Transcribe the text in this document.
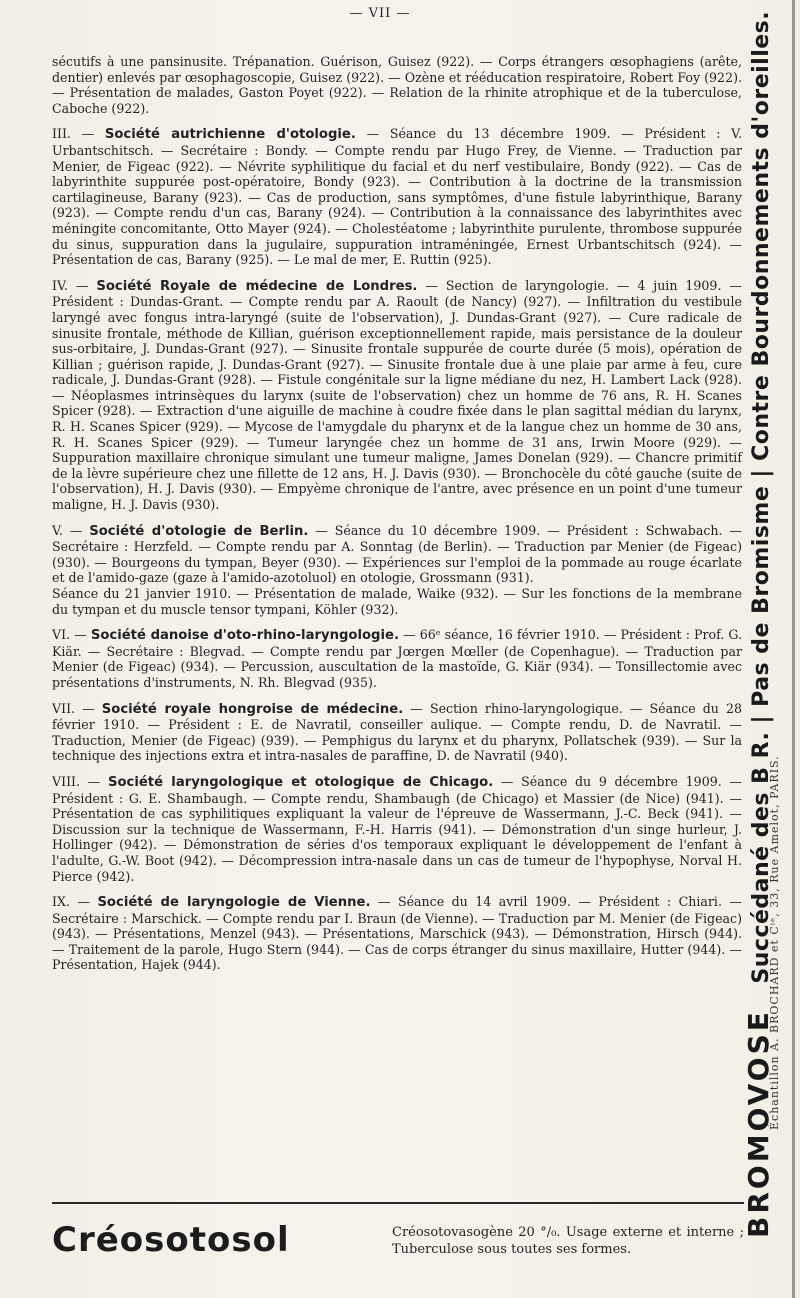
— VII —

sécutifs à une pansinusite. Trépanation. Guérison, Guisez (922). — Corps étrangers œsophagiens (arête, dentier) enlevés par œsophagoscopie, Guisez (922). — Ozène et rééducation respiratoire, Robert Foy (922). — Présentation de malades, Gaston Poyet (922). — Relation de la rhinite atrophique et de la tuberculose, Caboche (922).

III. — Société autrichienne d'otologie. — Séance du 13 décembre 1909. — Président : V. Urbantschitsch. — Secrétaire : Bondy. — Compte rendu par Hugo Frey, de Vienne. — Traduction par Menier, de Figeac (922). — Névrite syphilitique du facial et du nerf vestibulaire, Bondy (922). — Cas de labyrinthite suppurée post-opératoire, Bondy (923). — Contribution à la doctrine de la transmission cartilagineuse, Barany (923). — Cas de production, sans symptômes, d'une fistule labyrinthique, Barany (923). — Compte rendu d'un cas, Barany (924). — Contribution à la connaissance des labyrinthites avec méningite concomitante, Otto Mayer (924). — Cholestéatome ; labyrinthite purulente, thrombose suppurée du sinus, suppuration dans la jugulaire, suppuration intraméningée, Ernest Urbantschitsch (924). — Présentation de cas, Barany (925). — Le mal de mer, E. Ruttin (925).

IV. — Société Royale de médecine de Londres. — Section de laryngologie. — 4 juin 1909. — Président : Dundas-Grant. — Compte rendu par A. Raoult (de Nancy) (927). — Infiltration du vestibule laryngé avec fongus intra-laryngé (suite de l'observation), J. Dundas-Grant (927). — Cure radicale de sinusite frontale, méthode de Killian, guérison exceptionnellement rapide, mais persistance de la douleur sus-orbitaire, J. Dundas-Grant (927). — Sinusite frontale suppurée de courte durée (5 mois), opération de Killian ; guérison rapide, J. Dundas-Grant (927). — Sinusite frontale due à une plaie par arme à feu, cure radicale, J. Dundas-Grant (928). — Fistule congénitale sur la ligne médiane du nez, H. Lambert Lack (928). — Néoplasmes intrinsèques du larynx (suite de l'observation) chez un homme de 76 ans, R. H. Scanes Spicer (928). — Extraction d'une aiguille de machine à coudre fixée dans le plan sagittal médian du larynx, R. H. Scanes Spicer (929). — Mycose de l'amygdale du pharynx et de la langue chez un homme de 30 ans, R. H. Scanes Spicer (929). — Tumeur laryngée chez un homme de 31 ans, Irwin Moore (929). — Suppuration maxillaire chronique simulant une tumeur maligne, James Donelan (929). — Chancre primitif de la lèvre supérieure chez une fillette de 12 ans, H. J. Davis (930). — Bronchocèle du côté gauche (suite de l'observation), H. J. Davis (930). — Empyème chronique de l'antre, avec présence en un point d'une tumeur maligne, H. J. Davis (930).

V. — Société d'otologie de Berlin. — Séance du 10 décembre 1909. — Président : Schwabach. — Secrétaire : Herzfeld. — Compte rendu par A. Sonntag (de Berlin). — Traduction par Menier (de Figeac) (930). — Bourgeons du tympan, Beyer (930). — Expériences sur l'emploi de la pommade au rouge écarlate et de l'amido-gaze (gaze à l'amido-azotoluol) en otologie, Grossmann (931).

Séance du 21 janvier 1910. — Présentation de malade, Waike (932). — Sur les fonctions de la membrane du tympan et du muscle tensor tympani, Köhler (932).

VI. — Société danoise d'oto-rhino-laryngologie. — 66ᵉ séance, 16 février 1910. — Président : Prof. G. Kiär. — Secrétaire : Blegvad. — Compte rendu par Jœrgen Mœller (de Copenhague). — Traduction par Menier (de Figeac) (934). — Percussion, auscultation de la mastoïde, G. Kiär (934). — Tonsillectomie avec présentations d'instruments, N. Rh. Blegvad (935).

VII. — Société royale hongroise de médecine. — Section rhino-laryngologique. — Séance du 28 février 1910. — Président : E. de Navratil, conseiller aulique. — Compte rendu, D. de Navratil. — Traduction, Menier (de Figeac) (939). — Pemphigus du larynx et du pharynx, Pollatschek (939). — Sur la technique des injections extra et intra-nasales de paraffine, D. de Navratil (940).

VIII. — Société laryngologique et otologique de Chicago. — Séance du 9 décembre 1909. — Président : G. E. Shambaugh. — Compte rendu, Shambaugh (de Chicago) et Massier (de Nice) (941). — Présentation de cas syphilitiques expliquant la valeur de l'épreuve de Wassermann, J.-C. Beck (941). — Discussion sur la technique de Wassermann, F.-H. Harris (941). — Démonstration d'un singe hurleur, J. Hollinger (942). — Démonstration de séries d'os temporaux expliquant le développement de l'enfant à l'adulte, G.-W. Boot (942). — Décompression intra-nasale dans un cas de tumeur de l'hypophyse, Norval H. Pierce (942).

IX. — Société de laryngologie de Vienne. — Séance du 14 avril 1909. — Président : Chiari. — Secrétaire : Marschick. — Compte rendu par I. Braun (de Vienne). — Traduction par M. Menier (de Figeac) (943). — Présentations, Menzel (943). — Présentations, Marschick (943). — Démonstration, Hirsch (944). — Traitement de la parole, Hugo Stern (944). — Cas de corps étranger du sinus maxillaire, Hutter (944). — Présentation, Hajek (944).

Créosotosol	Créosotovasogène 20 °/₀. Usage externe et interne ; Tuberculose sous toutes ses formes.
BROMOVOSE  Succédané des B R. | Pas de Bromisme | Contre Bourdonnements d'oreilles.
Échantillon A. BROCHARD et Cⁱᵉ, 33, Rue Amelot, PARIS.
